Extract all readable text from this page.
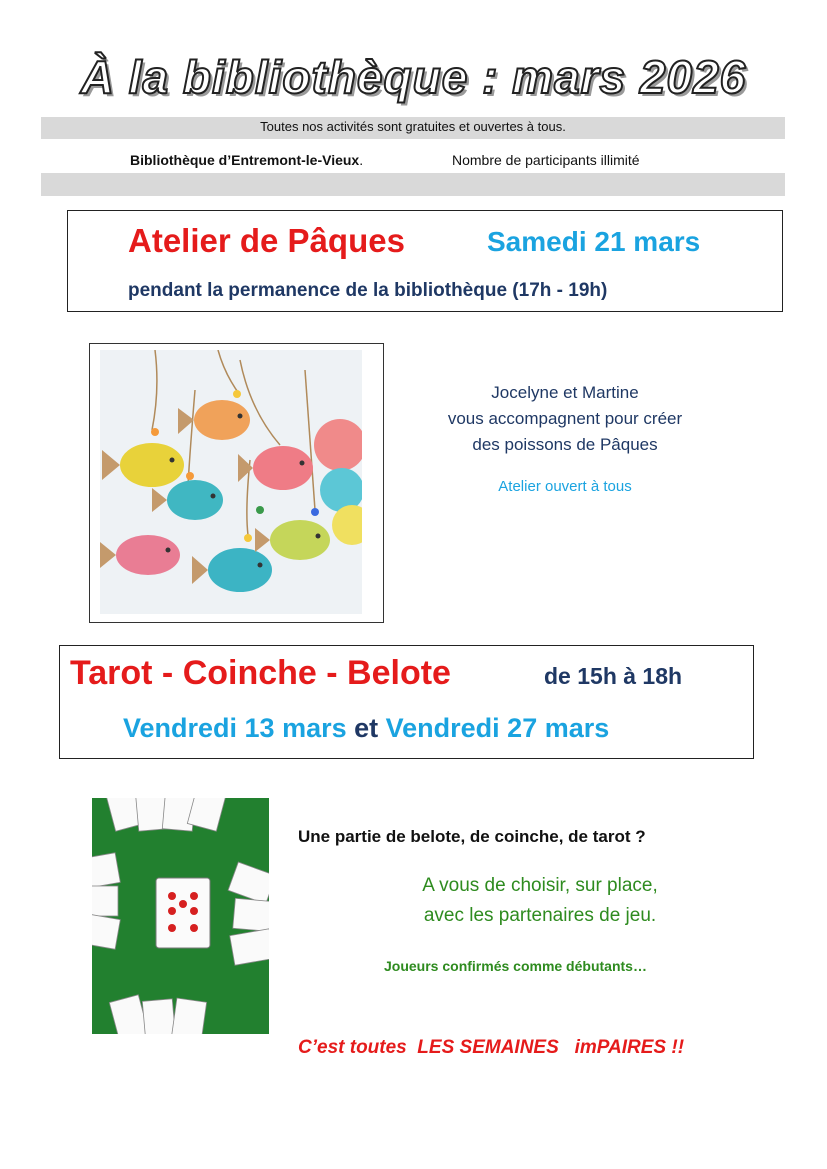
À la bibliothèque : mars 2026
Toutes nos activités sont gratuites et ouvertes à tous.
Bibliothèque d’Entremont-le-Vieux.	Nombre de participants illimité
Atelier de Pâques	Samedi 21 mars
pendant la permanence de la bibliothèque (17h - 19h)
Jocelyne et Martine
vous accompagnent pour créer
des poissons de Pâques
Atelier ouvert à tous
Tarot - Coinche - Belote	de 15h à 18h
Vendredi 13 mars et Vendredi 27 mars
Une partie de belote, de coinche, de tarot ?
A vous de choisir, sur place,
avec les partenaires de jeu.
Joueurs confirmés comme débutants…
C’est toutes  LES SEMAINES   imPAIRES !!
